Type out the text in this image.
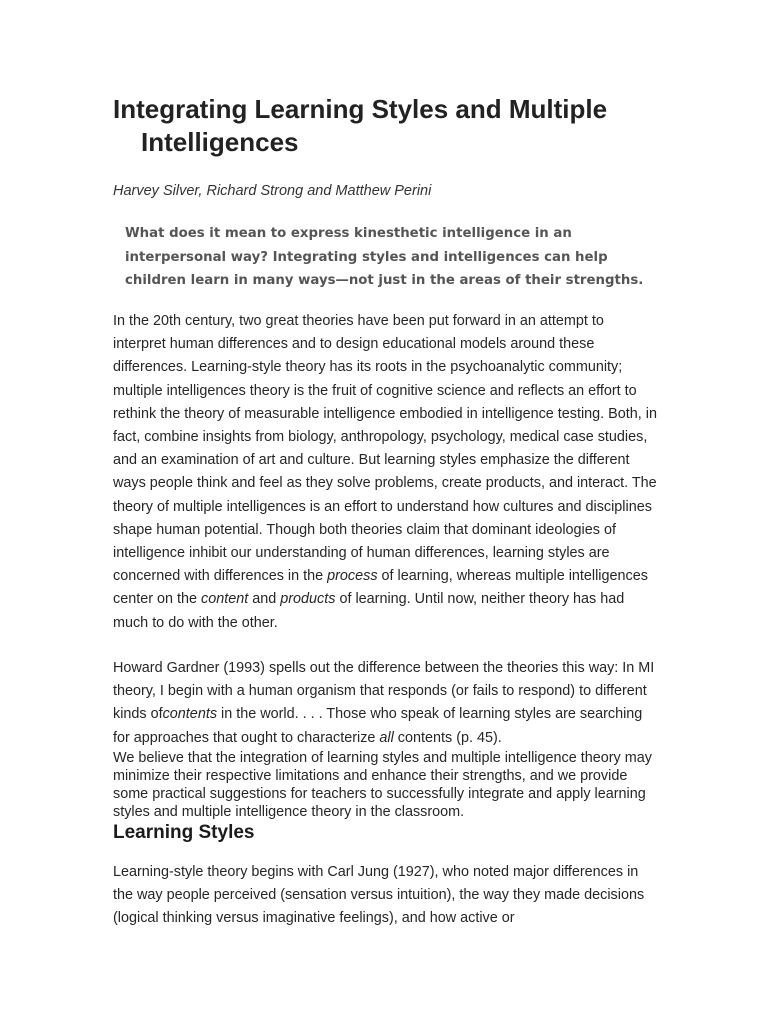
Integrating Learning Styles and Multiple Intelligences

Harvey Silver, Richard Strong and Matthew Perini

What does it mean to express kinesthetic intelligence in an interpersonal way? Integrating styles and intelligences can help children learn in many ways—not just in the areas of their strengths.

In the 20th century, two great theories have been put forward in an attempt to interpret human differences and to design educational models around these differences. Learning-style theory has its roots in the psychoanalytic community; multiple intelligences theory is the fruit of cognitive science and reflects an effort to rethink the theory of measurable intelligence embodied in intelligence testing. Both, in fact, combine insights from biology, anthropology, psychology, medical case studies, and an examination of art and culture. But learning styles emphasize the different ways people think and feel as they solve problems, create products, and interact. The theory of multiple intelligences is an effort to understand how cultures and disciplines shape human potential. Though both theories claim that dominant ideologies of intelligence inhibit our understanding of human differences, learning styles are concerned with differences in the process of learning, whereas multiple intelligences center on the content and products of learning. Until now, neither theory has had much to do with the other.

Howard Gardner (1993) spells out the difference between the theories this way: In MI theory, I begin with a human organism that responds (or fails to respond) to different kinds ofcontents in the world. . . . Those who speak of learning styles are searching for approaches that ought to characterize all contents (p. 45).

We believe that the integration of learning styles and multiple intelligence theory may minimize their respective limitations and enhance their strengths, and we provide some practical suggestions for teachers to successfully integrate and apply learning styles and multiple intelligence theory in the classroom.

Learning Styles

Learning-style theory begins with Carl Jung (1927), who noted major differences in the way people perceived (sensation versus intuition), the way they made decisions (logical thinking versus imaginative feelings), and how active or
